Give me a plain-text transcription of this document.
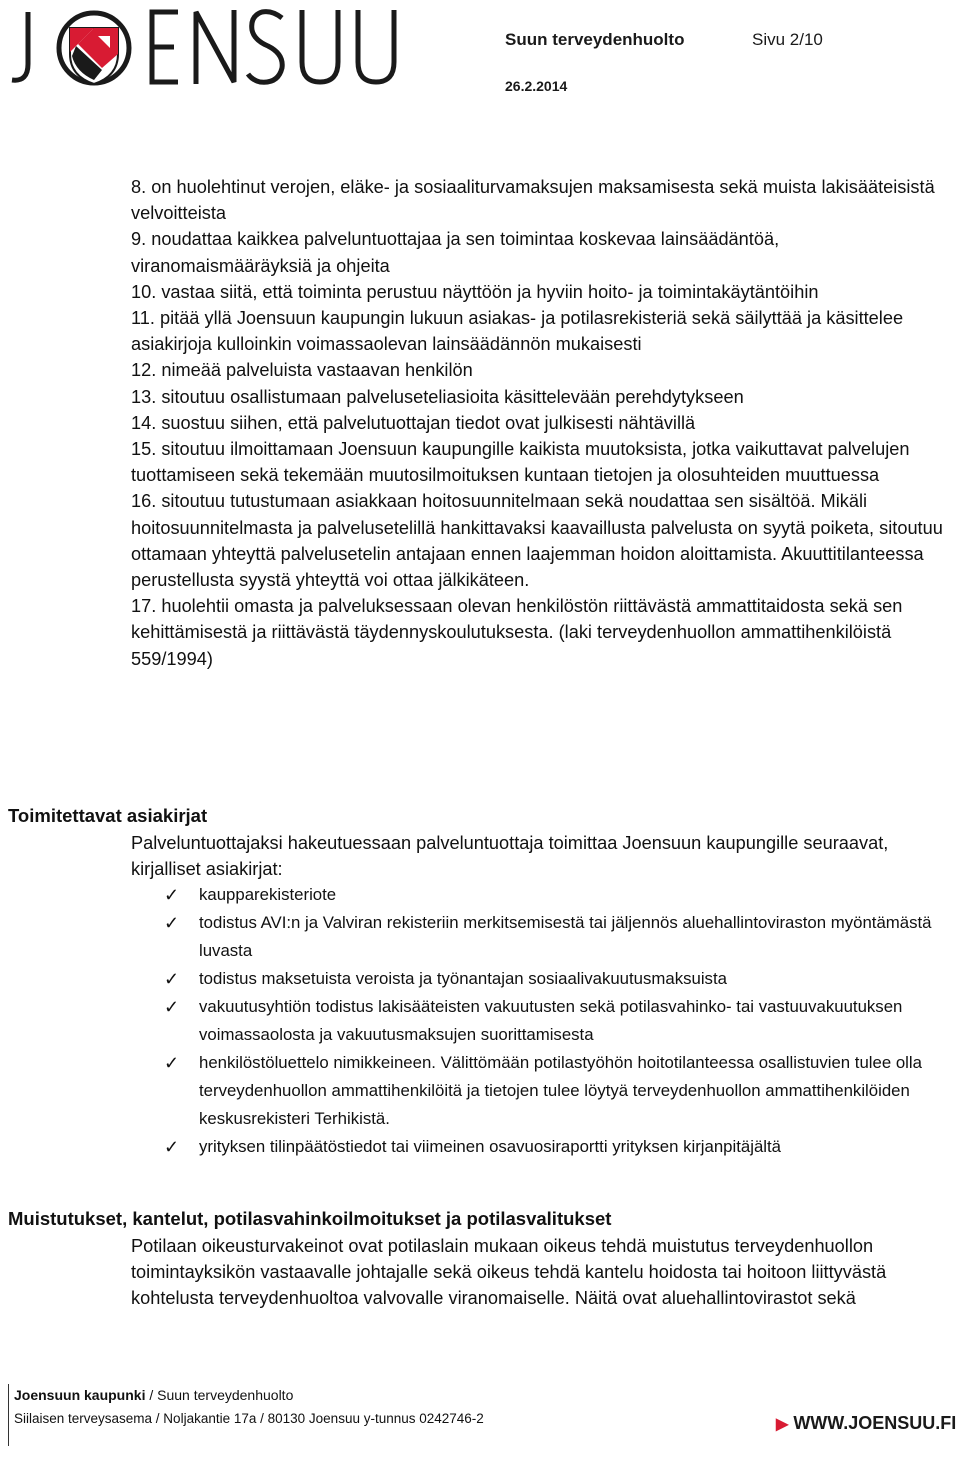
Suun terveydenhuolto	Sivu 2/10
26.2.2014

8. on huolehtinut verojen, eläke- ja sosiaaliturvamaksujen maksamisesta sekä muista lakisääteisistä velvoitteista

9. noudattaa kaikkea palveluntuottajaa ja sen toimintaa koskevaa lainsäädäntöä, viranomaismääräyksiä ja ohjeita

10. vastaa siitä, että toiminta perustuu näyttöön ja hyviin hoito- ja toimintakäytäntöihin

11. pitää yllä Joensuun kaupungin lukuun asiakas- ja potilasrekisteriä sekä säilyttää ja käsittelee asiakirjoja kulloinkin voimassaolevan lainsäädännön mukaisesti

12. nimeää palveluista vastaavan henkilön

13. sitoutuu osallistumaan palveluseteliasioita käsittelevään perehdytykseen

14. suostuu siihen, että palvelutuottajan tiedot ovat julkisesti nähtävillä

15. sitoutuu ilmoittamaan Joensuun kaupungille kaikista muutoksista, jotka vaikuttavat palvelujen tuottamiseen sekä tekemään muutosilmoituksen kuntaan tietojen ja olosuhteiden muuttuessa

16. sitoutuu tutustumaan asiakkaan hoitosuunnitelmaan sekä noudattaa sen sisältöä. Mikäli hoitosuunnitelmasta ja palvelusetelillä hankittavaksi kaavaillusta palvelusta on syytä poiketa, sitoutuu ottamaan yhteyttä palvelusetelin antajaan ennen laajemman hoidon aloittamista. Akuuttitilanteessa perustellusta syystä yhteyttä voi ottaa jälkikäteen.

17. huolehtii omasta ja palveluksessaan olevan henkilöstön riittävästä ammattitaidosta sekä sen kehittämisestä ja riittävästä täydennyskoulutuksesta. (laki terveydenhuollon ammattihenkilöistä 559/1994)

Toimitettavat asiakirjat
Palveluntuottajaksi hakeutuessaan palveluntuottaja toimittaa Joensuun kaupungille seuraavat, kirjalliset asiakirjat:
✓	kaupparekisteriote
✓	todistus AVI:n ja Valviran rekisteriin merkitsemisestä tai jäljennös aluehallintoviraston myöntämästä luvasta
✓	todistus maksetuista veroista ja työnantajan sosiaalivakuutusmaksuista
✓	vakuutusyhtiön todistus lakisääteisten vakuutusten sekä potilasvahinko- tai vastuuvakuutuksen voimassaolosta ja vakuutusmaksujen suorittamisesta
✓	henkilöstöluettelo nimikkeineen. Välittömään potilastyöhön hoitotilanteessa osallistuvien tulee olla terveydenhuollon ammattihenkilöitä ja tietojen tulee löytyä terveydenhuollon ammattihenkilöiden keskusrekisteri Terhikistä.
✓	yrityksen tilinpäätöstiedot tai viimeinen osavuosiraportti yrityksen kirjanpitäjältä
Muistutukset, kantelut, potilasvahinkoilmoitukset ja potilasvalitukset
Potilaan oikeusturvakeinot ovat potilaslain mukaan oikeus tehdä muistutus terveydenhuollon toimintayksikön vastaavalle johtajalle sekä oikeus tehdä kantelu hoidosta tai hoitoon liittyvästä kohtelusta terveydenhuoltoa valvovalle viranomaiselle. Näitä ovat aluehallintovirastot sekä
Joensuun kaupunki / Suun terveydenhuolto
Siilaisen terveysasema / Noljakantie 17a / 80130 Joensuu y-tunnus 0242746-2	▶ WWW.JOENSUU.FI
